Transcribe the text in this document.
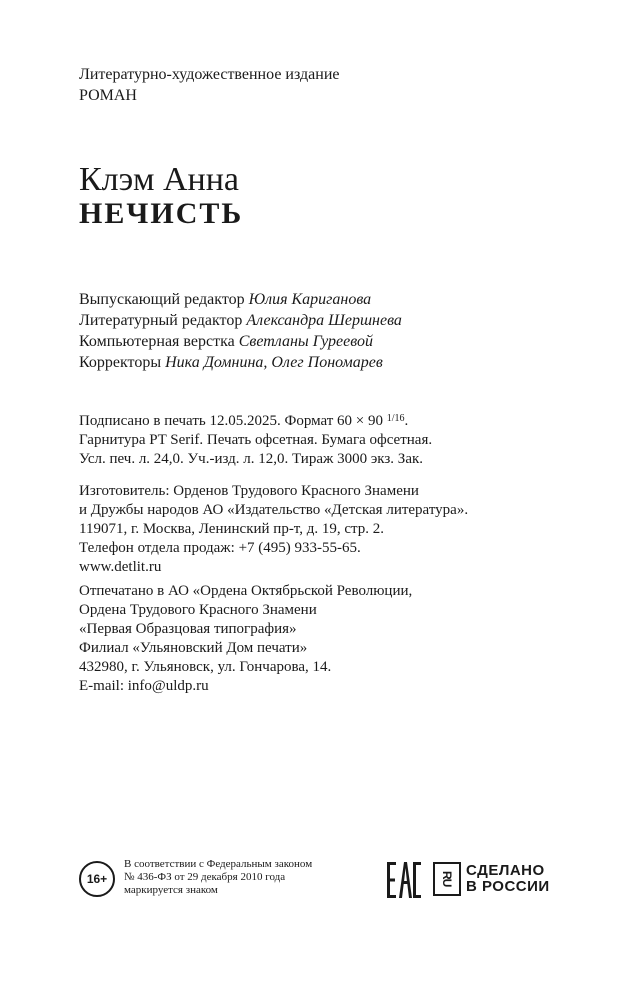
Литературно-художественное издание
РОМАН
Клэм Анна
НЕЧИСТЬ
Выпускающий редактор Юлия Кариганова
Литературный редактор Александра Шершнева
Компьютерная верстка Светланы Гуреевой
Корректоры Ника Домнина, Олег Пономарев
Подписано в печать 12.05.2025. Формат 60 × 90 $^{1/16}$.
Гарнитура PT Serif. Печать офсетная. Бумага офсетная.
Усл. печ. л. 24,0. Уч.-изд. л. 12,0. Тираж 3000 экз. Зак.
Изготовитель: Орденов Трудового Красного Знамени
и Дружбы народов АО «Издательство «Детская литература».
119071, г. Москва, Ленинский пр-т, д. 19, стр. 2.
Телефон отдела продаж: +7 (495) 933-55-65.
www.detlit.ru
Отпечатано в АО «Ордена Октябрьской Революции,
Ордена Трудового Красного Знамени
«Первая Образцовая типография»
Филиал «Ульяновский Дом печати»
432980, г. Ульяновск, ул. Гончарова, 14.
E-mail: info@uldp.ru
16+
В соответствии с Федеральным законом
№ 436-ФЗ от 29 декабря 2010 года
маркируется знаком
RU СДЕЛАНО
В РОССИИ
